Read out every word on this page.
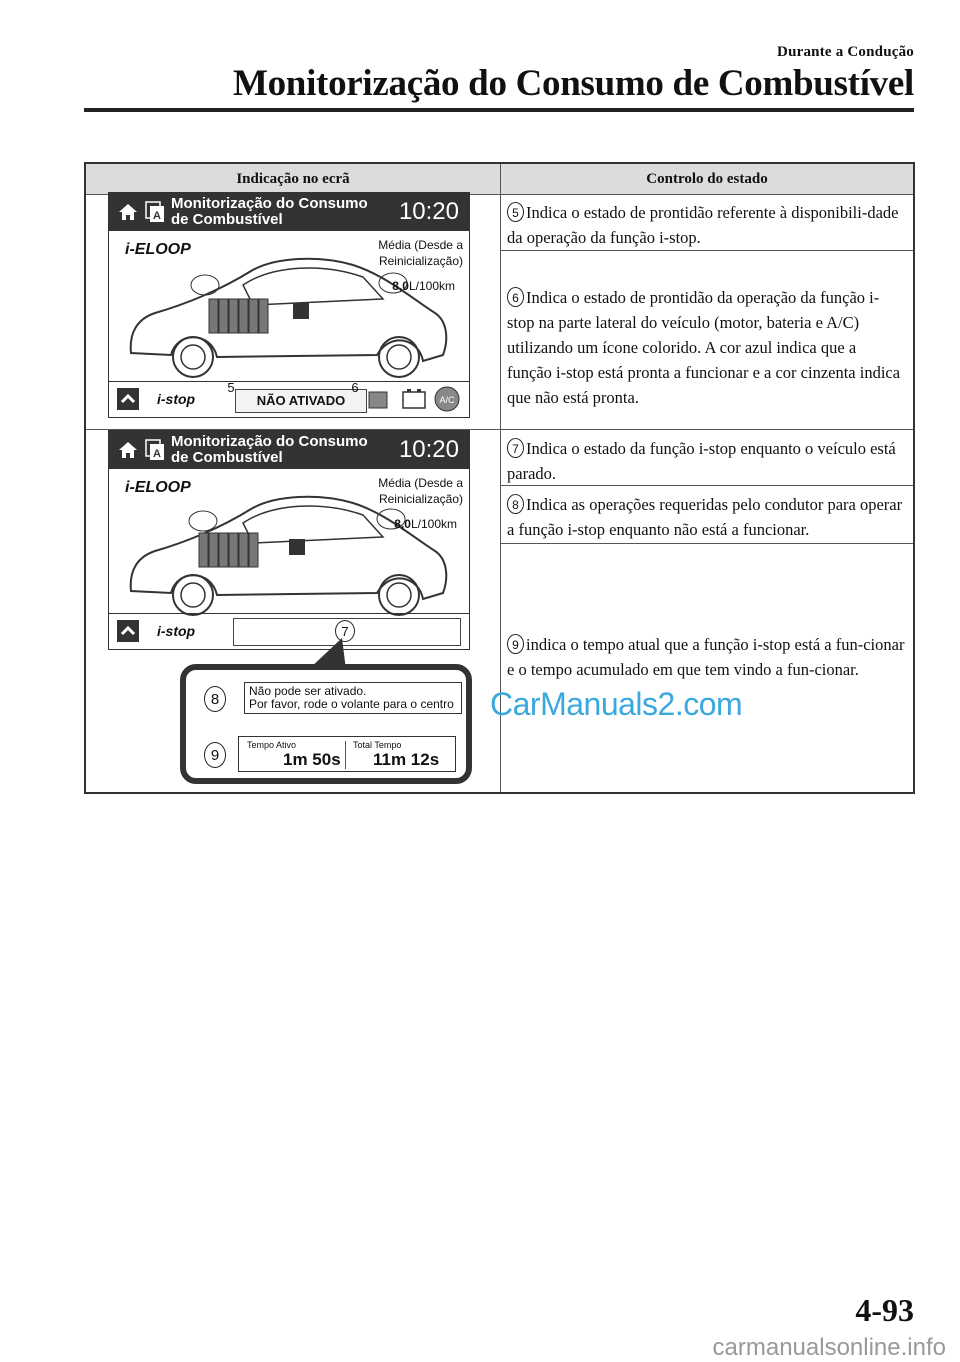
Durante a Condução
Monitorização do Consumo de Combustível
Indicação no ecrã	Controlo do estado
5 Indica o estado de prontidão referente à disponibili-dade da operação da função i-stop.
6 Indica o estado de prontidão da operação da função i-stop na parte lateral do veículo (motor, bateria e A/C) utilizando um ícone colorido. A cor azul indica que a função i-stop está pronta a funcionar e a cor cinzenta indica que não está pronta.
7 Indica o estado da função i-stop enquanto o veículo está parado.
8 Indica as operações requeridas pelo condutor para operar a função i-stop enquanto não está a funcionar.
9 indica o tempo atual que a função i-stop está a fun-cionar e o tempo acumulado em que tem vindo a fun-cionar.
A
Monitorização do Consumo
de Combustível	10:20
i-ELOOP	Média (Desde a
Reinicialização)
8,0L/100km
i-stop
5
NÃO ATIVADO
6
A/C
A
Monitorização do Consumo
de Combustível	10:20
i-ELOOP	Média (Desde a
Reinicialização)
8,0L/100km
i-stop	7
8	Não pode ser ativado.
Por favor, rode o volante para o centro
9
Tempo Ativo	Total Tempo
1m 50s 11m 12s
CarManuals2.com
4-93
carmanualsonline.info
